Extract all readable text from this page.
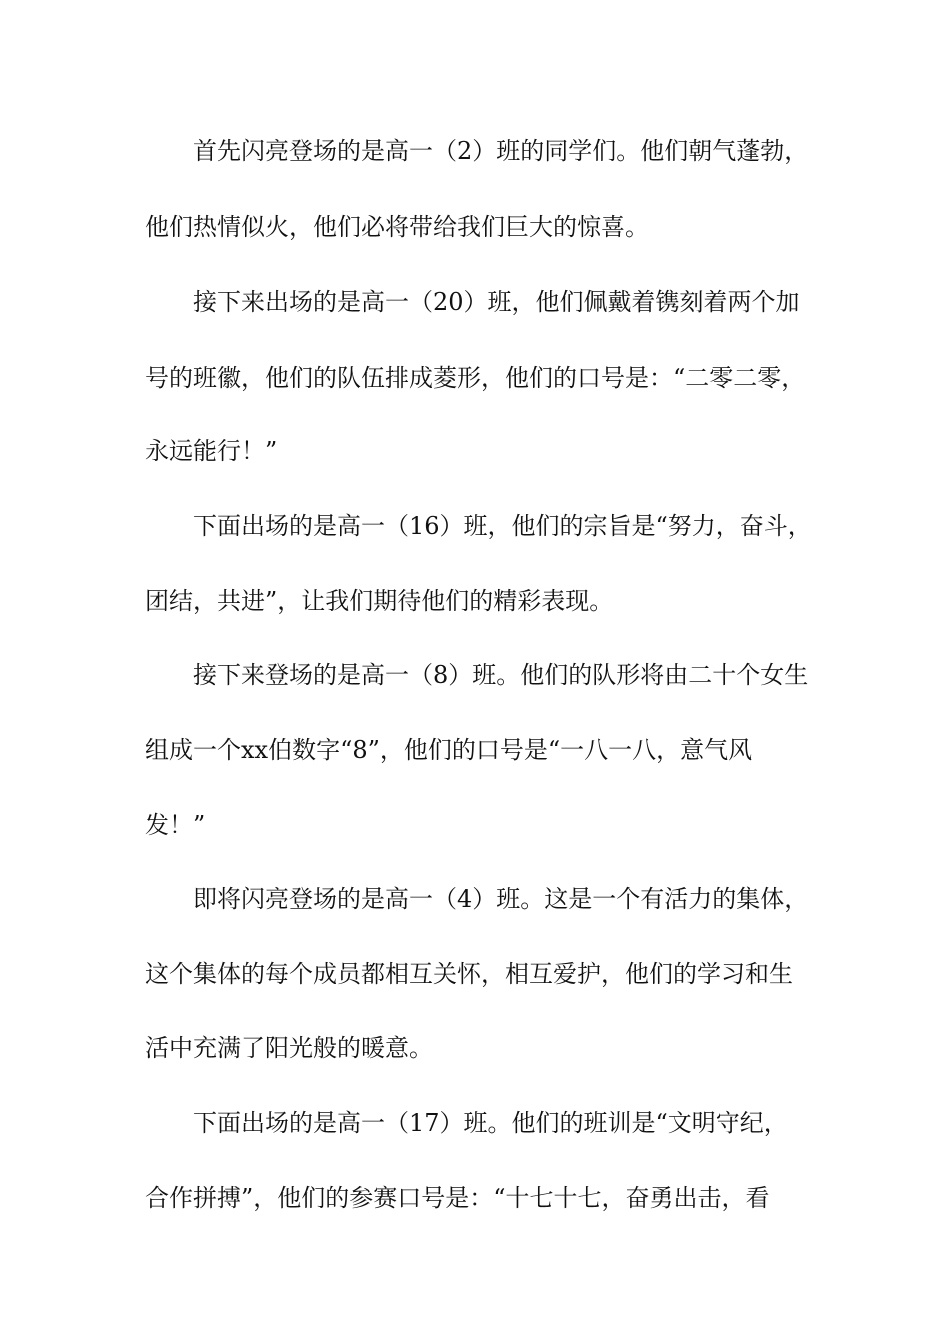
首先闪亮登场的是高一（2）班的同学们。他们朝气蓬勃，

他们热情似火，他们必将带给我们巨大的惊喜。

接下来出场的是高一（20）班，他们佩戴着镌刻着两个加

号的班徽，他们的队伍排成菱形，他们的口号是：“二零二零，

永远能行！”

下面出场的是高一（16）班，他们的宗旨是“努力，奋斗，

团结，共进”，让我们期待他们的精彩表现。

接下来登场的是高一（8）班。他们的队形将由二十个女生

组成一个xx伯数字“8”，他们的口号是“一八一八，意气风

发！”

即将闪亮登场的是高一（4）班。这是一个有活力的集体，

这个集体的每个成员都相互关怀，相互爱护，他们的学习和生

活中充满了阳光般的暖意。

下面出场的是高一（17）班。他们的班训是“文明守纪，

合作拼搏”，他们的参赛口号是：“十七十七，奋勇出击，看
